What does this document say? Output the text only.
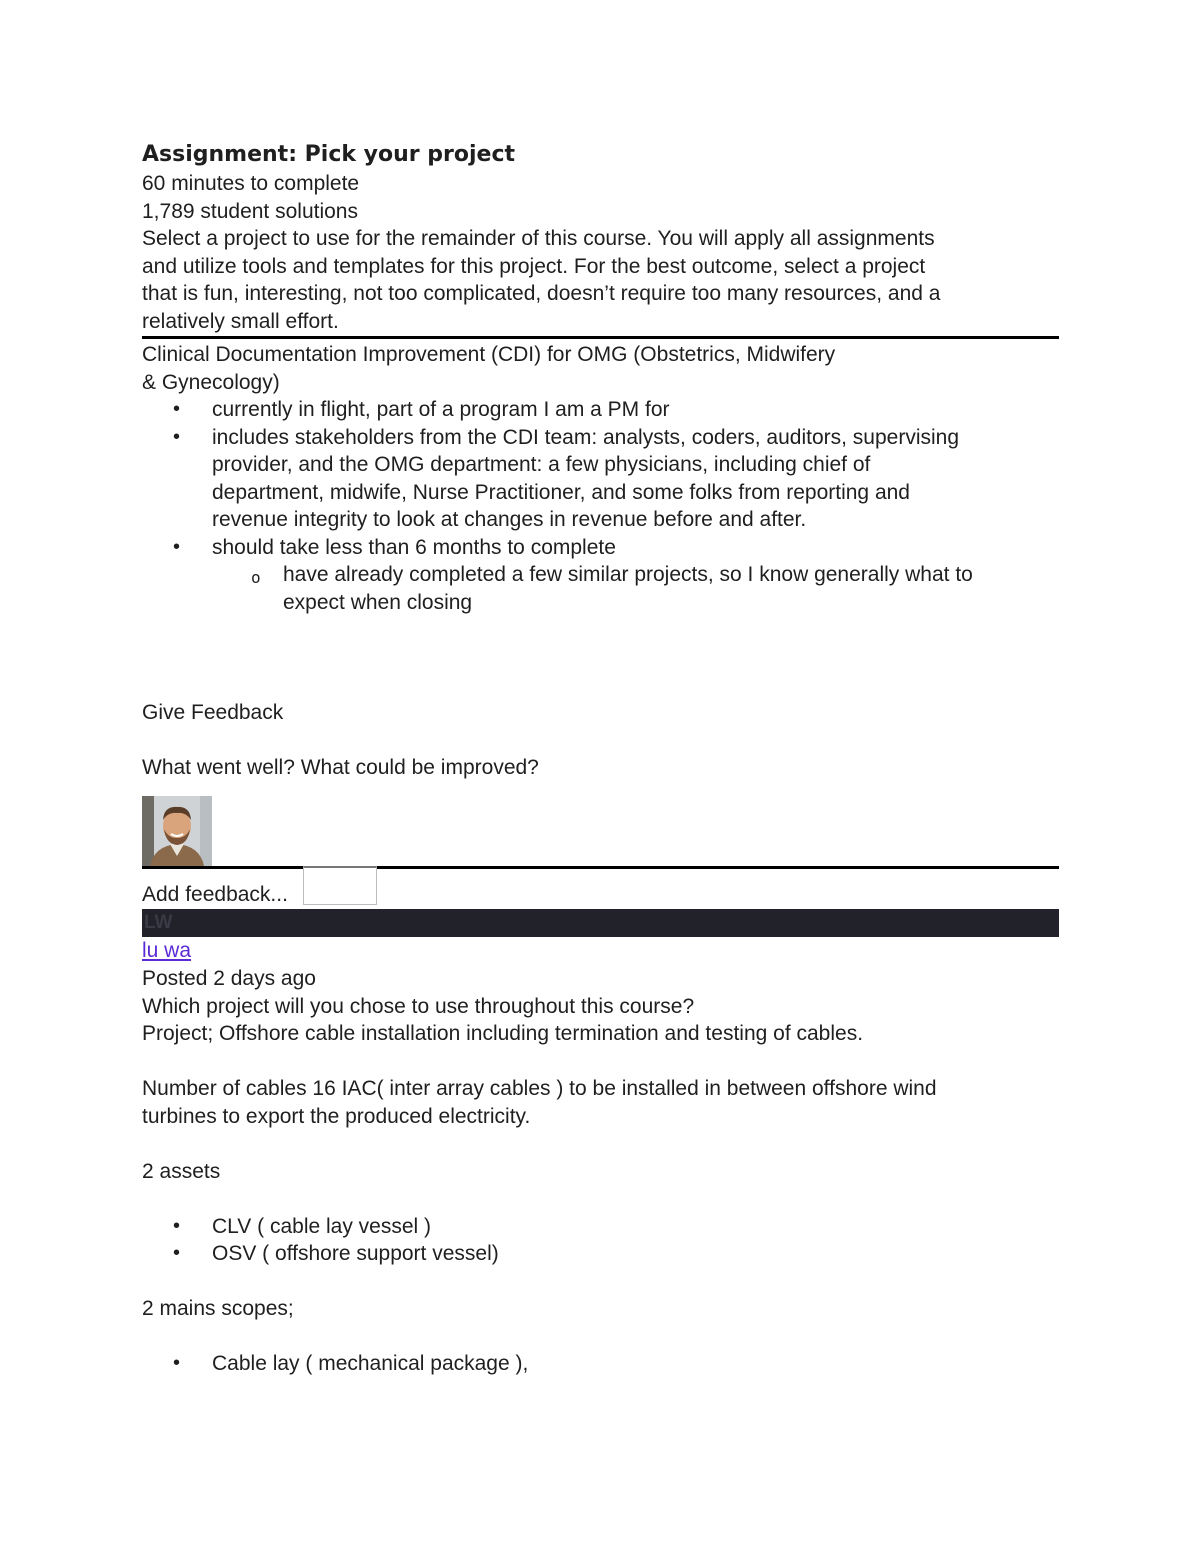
Assignment: Pick your project

60 minutes to complete

1,789 student solutions

Select a project to use for the remainder of this course. You will apply all assignments

and utilize tools and templates for this project. For the best outcome, select a project

that is fun, interesting, not too complicated, doesn’t require too many resources, and a

relatively small effort.

Clinical Documentation Improvement (CDI) for OMG (Obstetrics, Midwifery

& Gynecology)

• currently in flight, part of a program I am a PM for
• includes stakeholders from the CDI team: analysts, coders, auditors, supervising
provider, and the OMG department: a few physicians, including chief of
department, midwife, Nurse Practitioner, and some folks from reporting and
revenue integrity to look at changes in revenue before and after.
• should take less than 6 months to complete
o have already completed a few similar projects, so I know generally what to
expect when closing

Give Feedback

What went well? What could be improved?

Add feedback...
LW
lu wa

Posted 2 days ago

Which project will you chose to use throughout this course?

Project; Offshore cable installation including termination and testing of cables.

Number of cables 16 IAC( inter array cables ) to be installed in between offshore wind

turbines to export the produced electricity.

2 assets

• CLV ( cable lay vessel )
• OSV ( offshore support vessel)

2 mains scopes;

• Cable lay ( mechanical package ),
